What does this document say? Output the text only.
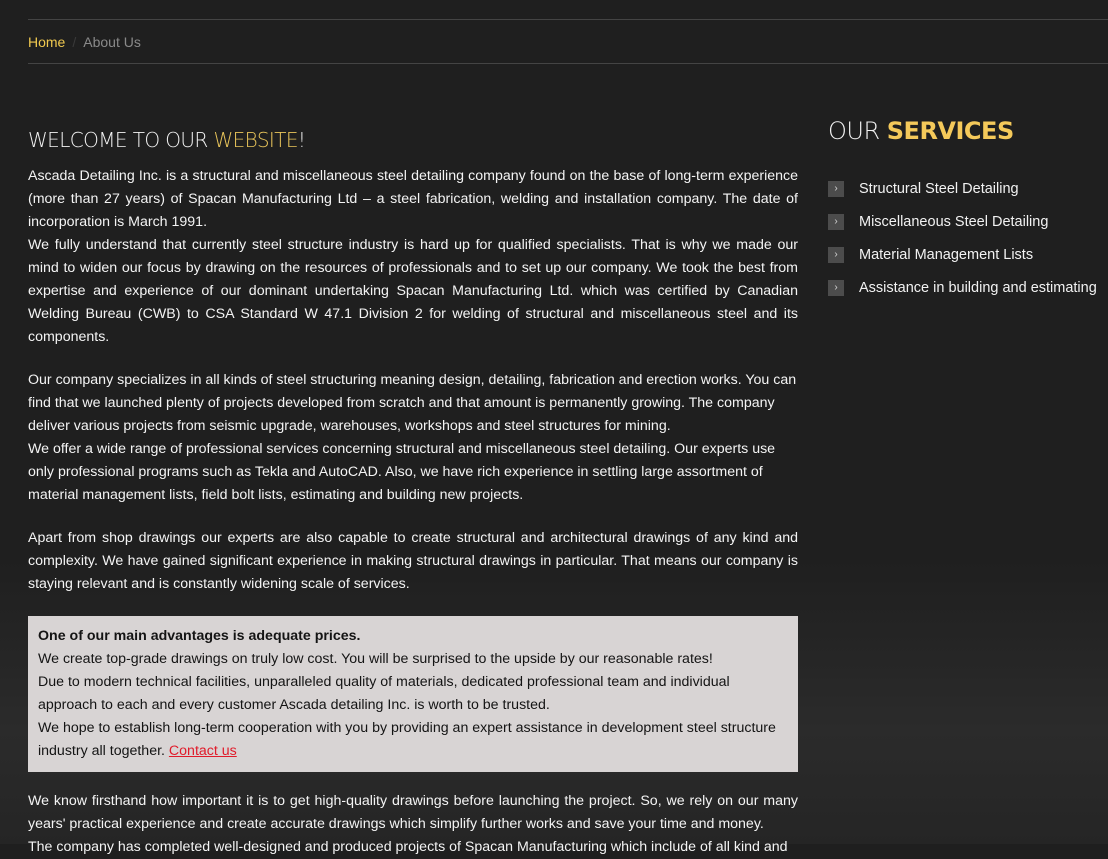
Home / About Us
WELCOME TO OUR WEBSITE!

Ascada Detailing Inc. is a structural and miscellaneous steel detailing company found on the base of long-term experience (more than 27 years) of Spacan Manufacturing Ltd – a steel fabrication, welding and installation company. The date of incorporation is March 1991.

We fully understand that currently steel structure industry is hard up for qualified specialists. That is why we made our mind to widen our focus by drawing on the resources of professionals and to set up our company. We took the best from expertise and experience of our dominant undertaking Spacan Manufacturing Ltd. which was certified by Canadian Welding Bureau (CWB) to CSA Standard W 47.1 Division 2 for welding of structural and miscellaneous steel and its components.

Our company specializes in all kinds of steel structuring meaning design, detailing, fabrication and erection works. You can find that we launched plenty of projects developed from scratch and that amount is permanently growing. The company deliver various projects from seismic upgrade, warehouses, workshops and steel structures for mining.

We offer a wide range of professional services concerning structural and miscellaneous steel detailing. Our experts use only professional programs such as Tekla and AutoCAD. Also, we have rich experience in settling large assortment of material management lists, field bolt lists, estimating and building new projects.

Apart from shop drawings our experts are also capable to create structural and architectural drawings of any kind and complexity. We have gained significant experience in making structural drawings in particular. That means our company is staying relevant and is constantly widening scale of services.

One of our main advantages is adequate prices.

We create top-grade drawings on truly low cost. You will be surprised to the upside by our reasonable rates!

Due to modern technical facilities, unparalleled quality of materials, dedicated professional team and individual approach to each and every customer Ascada detailing Inc. is worth to be trusted.

We hope to establish long-term cooperation with you by providing an expert assistance in development steel structure industry all together. Contact us

We know firsthand how important it is to get high-quality drawings before launching the project. So, we rely on our many years' practical experience and create accurate drawings which simplify further works and save your time and money.

The company has completed well-designed and produced projects of Spacan Manufacturing which include of all kind and

OUR SERVICES
›	Structural Steel Detailing
›	Miscellaneous Steel Detailing
›	Material Management Lists
›	Assistance in building and estimating
